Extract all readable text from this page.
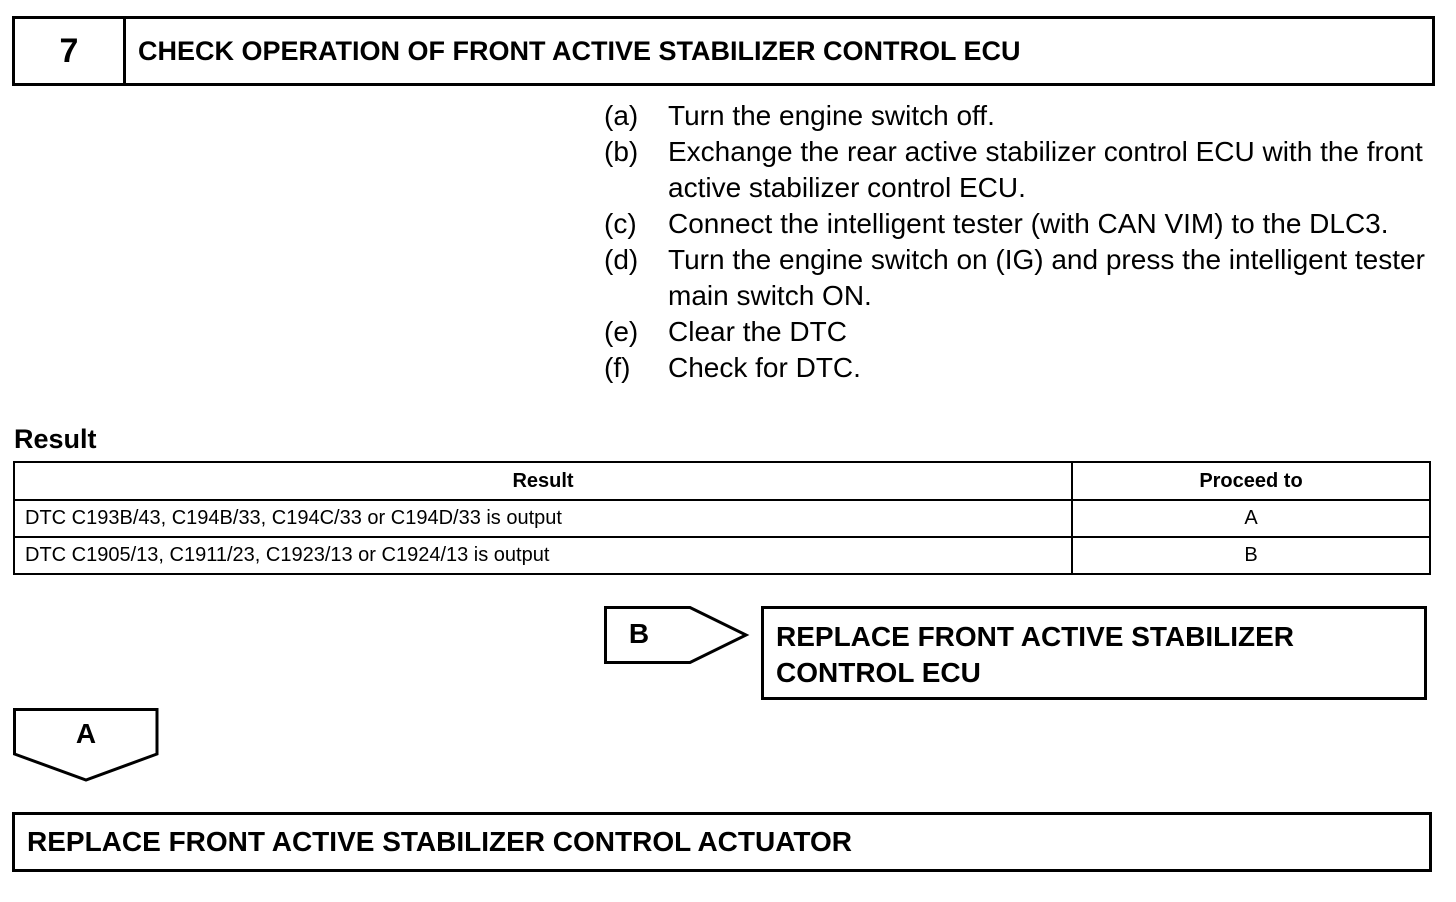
7	CHECK OPERATION OF FRONT ACTIVE STABILIZER CONTROL ECU
(a)	Turn the engine switch off.
(b)	Exchange the rear active stabilizer control ECU with the front active stabilizer control ECU.
(c)	Connect the intelligent tester (with CAN VIM) to the DLC3.
(d)	Turn the engine switch on (IG) and press the intelligent tester main switch ON.
(e)	Clear the DTC
(f)	Check for DTC.
Result
Result	Proceed to
DTC C193B/43, C194B/33, C194C/33 or C194D/33 is output	A
DTC C1905/13, C1911/23, C1923/13 or C1924/13 is output	B
B	REPLACE FRONT ACTIVE STABILIZER CONTROL ECU
A
REPLACE FRONT ACTIVE STABILIZER CONTROL ACTUATOR
